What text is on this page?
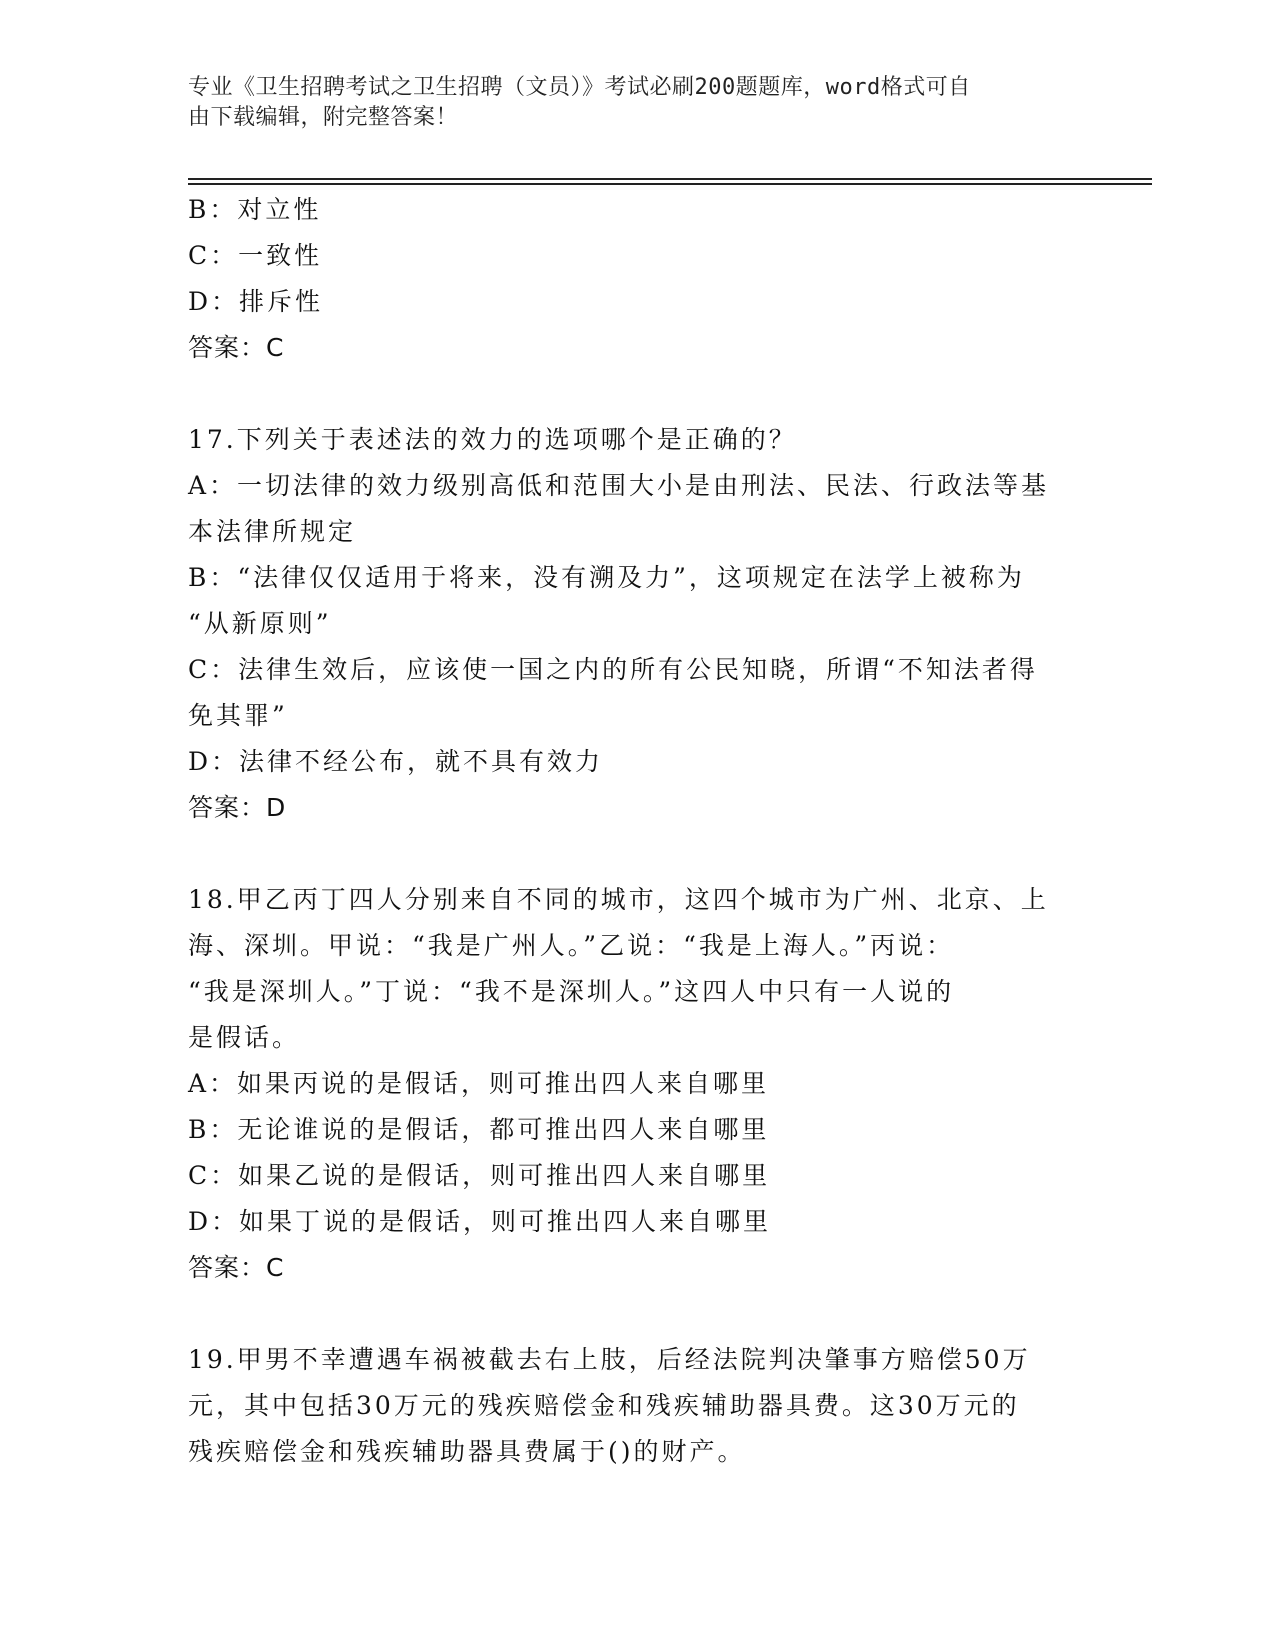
专业《卫生招聘考试之卫生招聘（文员）》考试必刷200题题库，word格式可自
由下载编辑，附完整答案！

B：对立性

C：一致性

D：排斥性

答案：C

17.下列关于表述法的效力的选项哪个是正确的？

A：一切法律的效力级别高低和范围大小是由刑法、民法、行政法等基

本法律所规定

B：“法律仅仅适用于将来，没有溯及力”，这项规定在法学上被称为

“从新原则”

C：法律生效后，应该使一国之内的所有公民知晓，所谓“不知法者得

免其罪”

D：法律不经公布，就不具有效力

答案：D

18.甲乙丙丁四人分别来自不同的城市，这四个城市为广州、北京、上

海、深圳。甲说：“我是广州人。”乙说：“我是上海人。”丙说：

“我是深圳人。”丁说：“我不是深圳人。”这四人中只有一人说的

是假话。

A：如果丙说的是假话，则可推出四人来自哪里

B：无论谁说的是假话，都可推出四人来自哪里

C：如果乙说的是假话，则可推出四人来自哪里

D：如果丁说的是假话，则可推出四人来自哪里

答案：C

19.甲男不幸遭遇车祸被截去右上肢，后经法院判决肇事方赔偿50万

元，其中包括30万元的残疾赔偿金和残疾辅助器具费。这30万元的

残疾赔偿金和残疾辅助器具费属于()的财产。
